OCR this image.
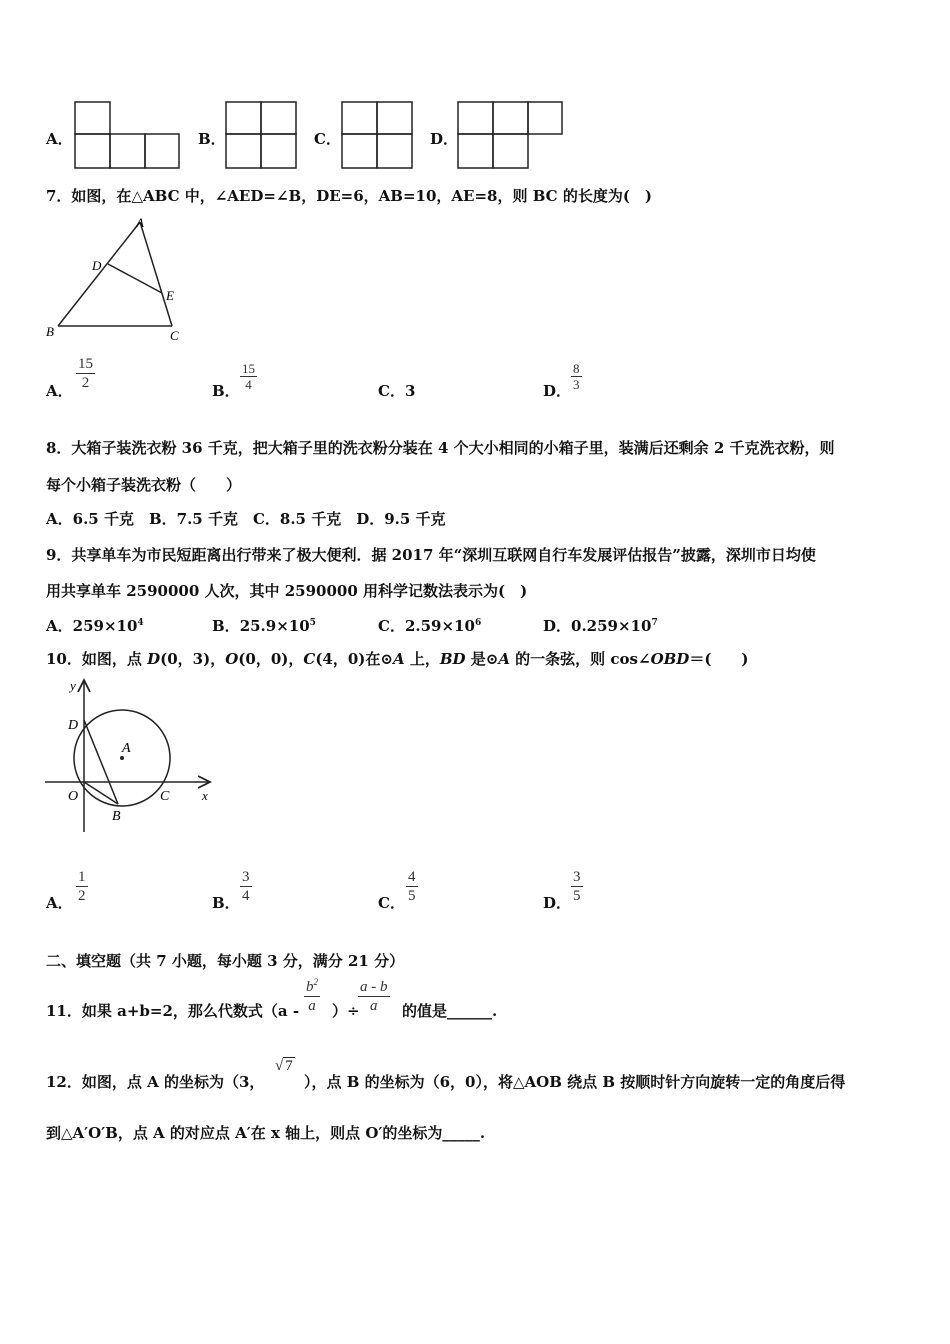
A．	B．	C．	D．
7．如图，在△ABC 中，∠AED=∠B，DE=6，AB=10，AE=8，则 BC 的长度为(　)
A
D
E
B	C
A．
15
2	B．
15
4	C．3	D．
8
3
8．大箱子装洗衣粉 36 千克，把大箱子里的洗衣粉分装在 4 个大小相同的小箱子里，装满后还剩余 2 千克洗衣粉，则
每个小箱子装洗衣粉（　　）
A．6.5 千克　B．7.5 千克　C．8.5 千克　D．9.5 千克
9．共享单车为市民短距离出行带来了极大便利．据 2017 年“深圳互联网自行车发展评估报告”披露，深圳市日均使
用共享单车 2590000 人次，其中 2590000 用科学记数法表示为(　)
A．$259\times 10^4$	B．$25.9\times 10^5$	C．$2.59\times 10^6$	D．$0.259\times 10^7$
10．如图，点 D(0，3)，O(0，0)，C(4，0)在⊙A 上，BD 是⊙A 的一条弦，则 cos∠OBD＝(　　)
y
x
D
A
O	C
B
A．
1
2	B．
3
4	C．
4
5	D．
3
5
二、填空题（共 7 小题，每小题 3 分，满分 21 分）
11．如果 a+b=2，那么代数式（a -
$b^2$
a ）÷
a - b
a	的值是______.
12．如图，点 A 的坐标为（3，
√ 7
），点 B 的坐标为（6，0），将△AOB 绕点 B 按顺时针方向旋转一定的角度后得
到△A′O′B，点 A 的对应点 A′在 x 轴上，则点 O′的坐标为_____.
